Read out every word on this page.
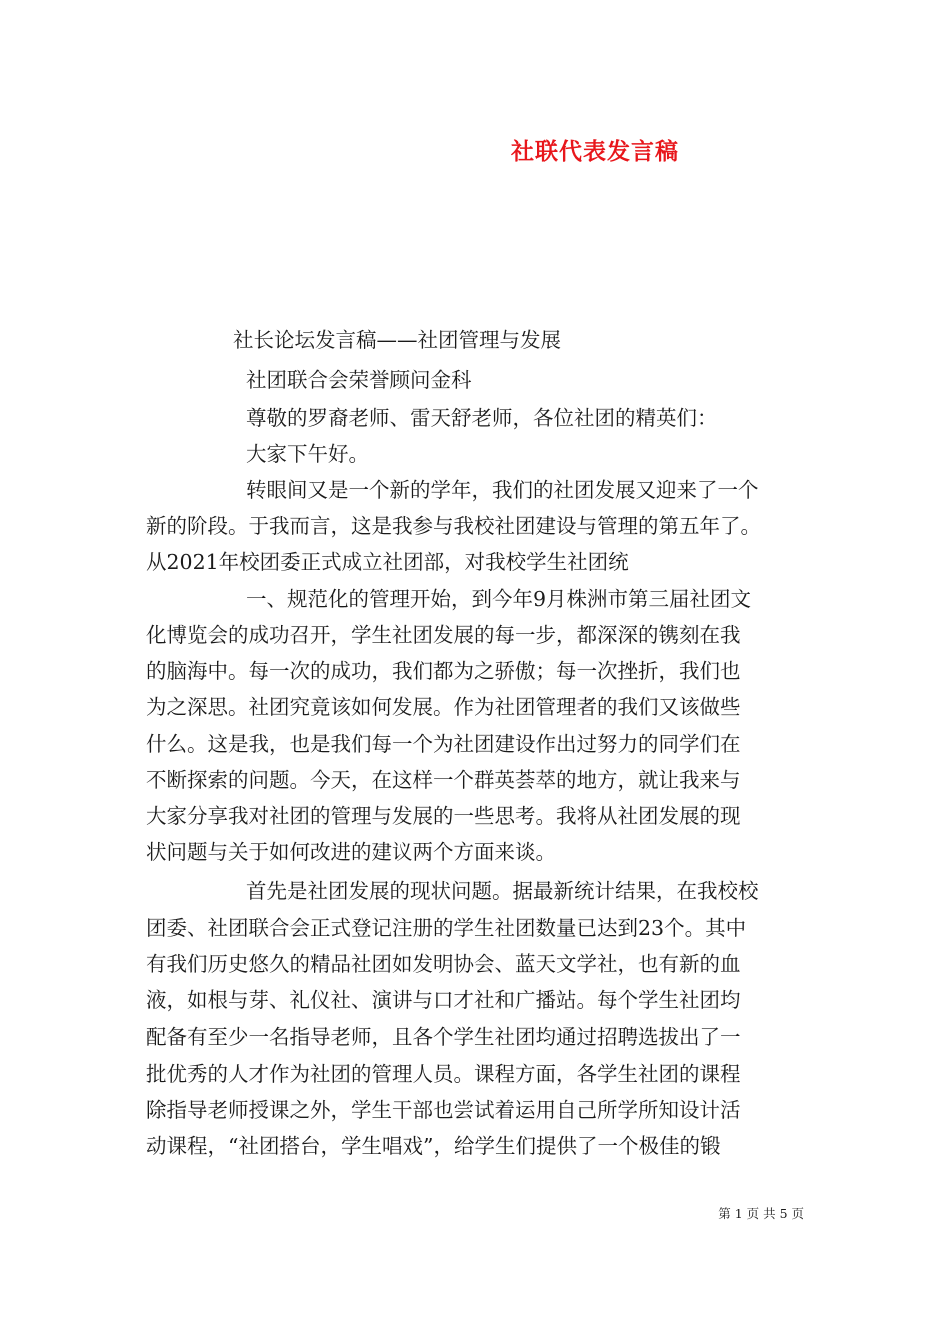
社联代表发言稿
社长论坛发言稿——社团管理与发展
社团联合会荣誉顾问金科
尊敬的罗裔老师、雷天舒老师，各位社团的精英们：
大家下午好。
转眼间又是一个新的学年，我们的社团发展又迎来了一个
新的阶段。于我而言，这是我参与我校社团建设与管理的第五年了。
从2021年校团委正式成立社团部，对我校学生社团统
一、规范化的管理开始，到今年9月株洲市第三届社团文
化博览会的成功召开，学生社团发展的每一步，都深深的镌刻在我
的脑海中。每一次的成功，我们都为之骄傲；每一次挫折，我们也
为之深思。社团究竟该如何发展。作为社团管理者的我们又该做些
什么。这是我，也是我们每一个为社团建设作出过努力的同学们在
不断探索的问题。今天，在这样一个群英荟萃的地方，就让我来与
大家分享我对社团的管理与发展的一些思考。我将从社团发展的现
状问题与关于如何改进的建议两个方面来谈。
首先是社团发展的现状问题。据最新统计结果，在我校校
团委、社团联合会正式登记注册的学生社团数量已达到23个。其中
有我们历史悠久的精品社团如发明协会、蓝天文学社，也有新的血
液，如根与芽、礼仪社、演讲与口才社和广播站。每个学生社团均
配备有至少一名指导老师，且各个学生社团均通过招聘选拔出了一
批优秀的人才作为社团的管理人员。课程方面，各学生社团的课程
除指导老师授课之外，学生干部也尝试着运用自己所学所知设计活
动课程，“社团搭台，学生唱戏”，给学生们提供了一个极佳的锻
第 1 页 共 5 页
